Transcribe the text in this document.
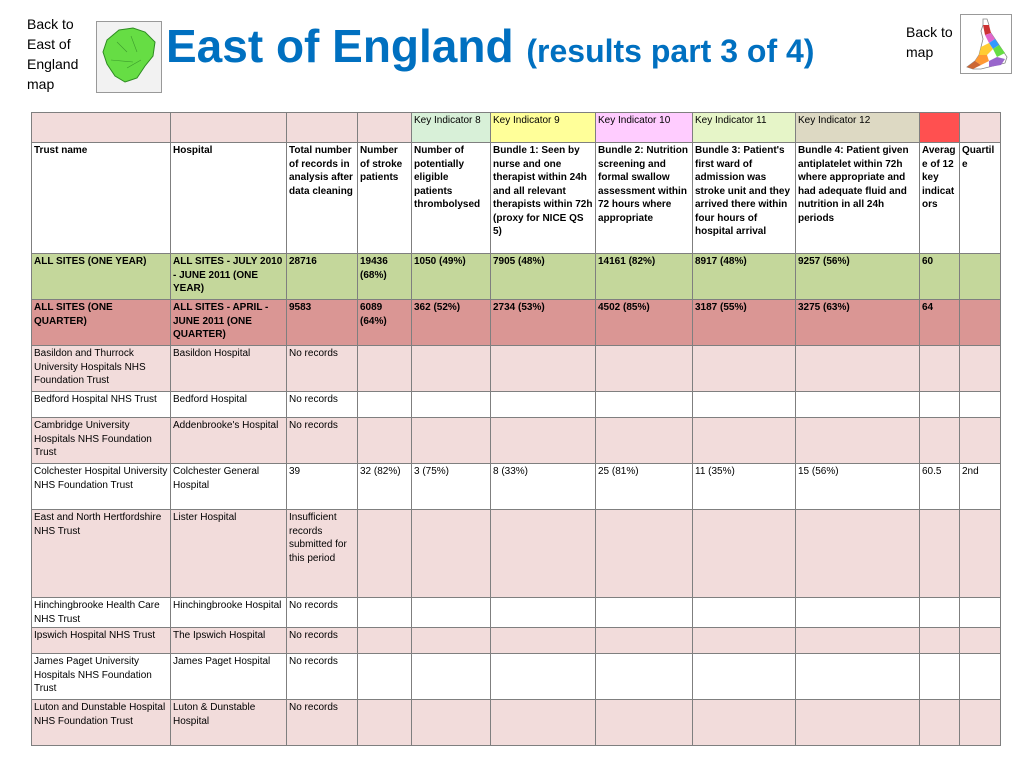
Back to East of England map
East of England (results part 3 of 4)
Back to map
				Key Indicator 8	Key Indicator 9	Key Indicator 10	Key Indicator 11	Key Indicator 12		
Trust name	Hospital	Total number of records in analysis after data cleaning	Number of stroke patients	Number of potentially eligible patients thrombolysed	Bundle 1: Seen by nurse and one therapist within 24h and all relevant therapists within 72h (proxy for NICE QS 5)	Bundle 2: Nutrition screening and formal swallow assessment within 72 hours where appropriate	Bundle 3: Patient's first ward of admission was stroke unit and they arrived there within four hours of hospital arrival	Bundle 4: Patient given antiplatelet within 72h where appropriate and had adequate fluid and nutrition in all 24h periods	Average of 12 key indicators	Quartile
ALL SITES (ONE YEAR)	ALL SITES - JULY 2010 - JUNE 2011 (ONE YEAR)	28716	19436 (68%)	1050 (49%)	7905 (48%)	14161 (82%)	8917 (48%)	9257 (56%)	60	
ALL SITES (ONE QUARTER)	ALL SITES - APRIL - JUNE 2011 (ONE QUARTER)	9583	6089 (64%)	362 (52%)	2734 (53%)	4502 (85%)	3187 (55%)	3275 (63%)	64	
Basildon and Thurrock University Hospitals NHS Foundation Trust	Basildon Hospital	No records								
Bedford Hospital NHS Trust	Bedford Hospital	No records								
Cambridge University Hospitals NHS Foundation Trust	Addenbrooke's Hospital	No records								
Colchester Hospital University NHS Foundation Trust	Colchester General Hospital	39	32 (82%)	3 (75%)	8 (33%)	25 (81%)	11 (35%)	15 (56%)	60.5	2nd
East and North Hertfordshire NHS Trust	Lister Hospital	Insufficient records submitted for this period								
Hinchingbrooke Health Care NHS Trust	Hinchingbrooke Hospital	No records								
Ipswich Hospital NHS Trust	The Ipswich Hospital	No records								
James Paget University Hospitals NHS Foundation Trust	James Paget Hospital	No records								
Luton and Dunstable Hospital NHS Foundation Trust	Luton & Dunstable Hospital	No records								
